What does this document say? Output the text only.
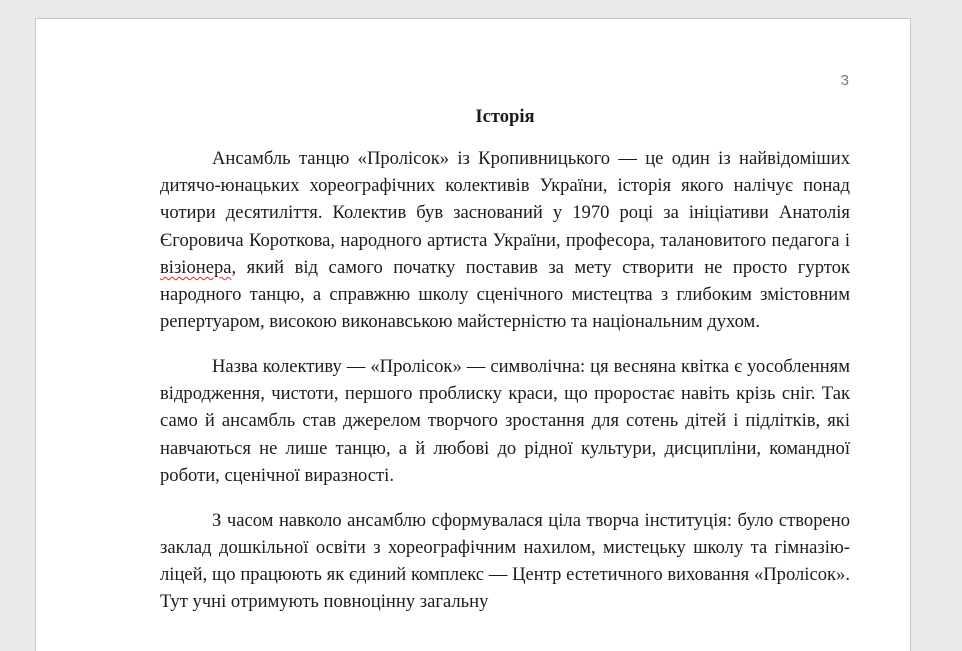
3
Історія

Ансамбль танцю «Пролісок» із Кропивницького — це один із найвідоміших дитячо-юнацьких хореографічних колективів України, історія якого налічує понад чотири десятиліття. Колектив був заснований у 1970 році за ініціативи Анатолія Єгоровича Короткова, народного артиста України, професора, талановитого педагога і візіонера, який від самого початку поставив за мету створити не просто гурток народного танцю, а справжню школу сценічного мистецтва з глибоким змістовним репертуаром, високою виконавською майстерністю та національним духом.

Назва колективу — «Пролісок» — символічна: ця весняна квітка є уособленням відродження, чистоти, першого проблиску краси, що проростає навіть крізь сніг. Так само й ансамбль став джерелом творчого зростання для сотень дітей і підлітків, які навчаються не лише танцю, а й любові до рідної культури, дисципліни, командної роботи, сценічної виразності.

З часом навколо ансамблю сформувалася ціла творча інституція: було створено заклад дошкільної освіти з хореографічним нахилом, мистецьку школу та гімназію-ліцей, що працюють як єдиний комплекс — Центр естетичного виховання «Пролісок». Тут учні отримують повноцінну загальну
